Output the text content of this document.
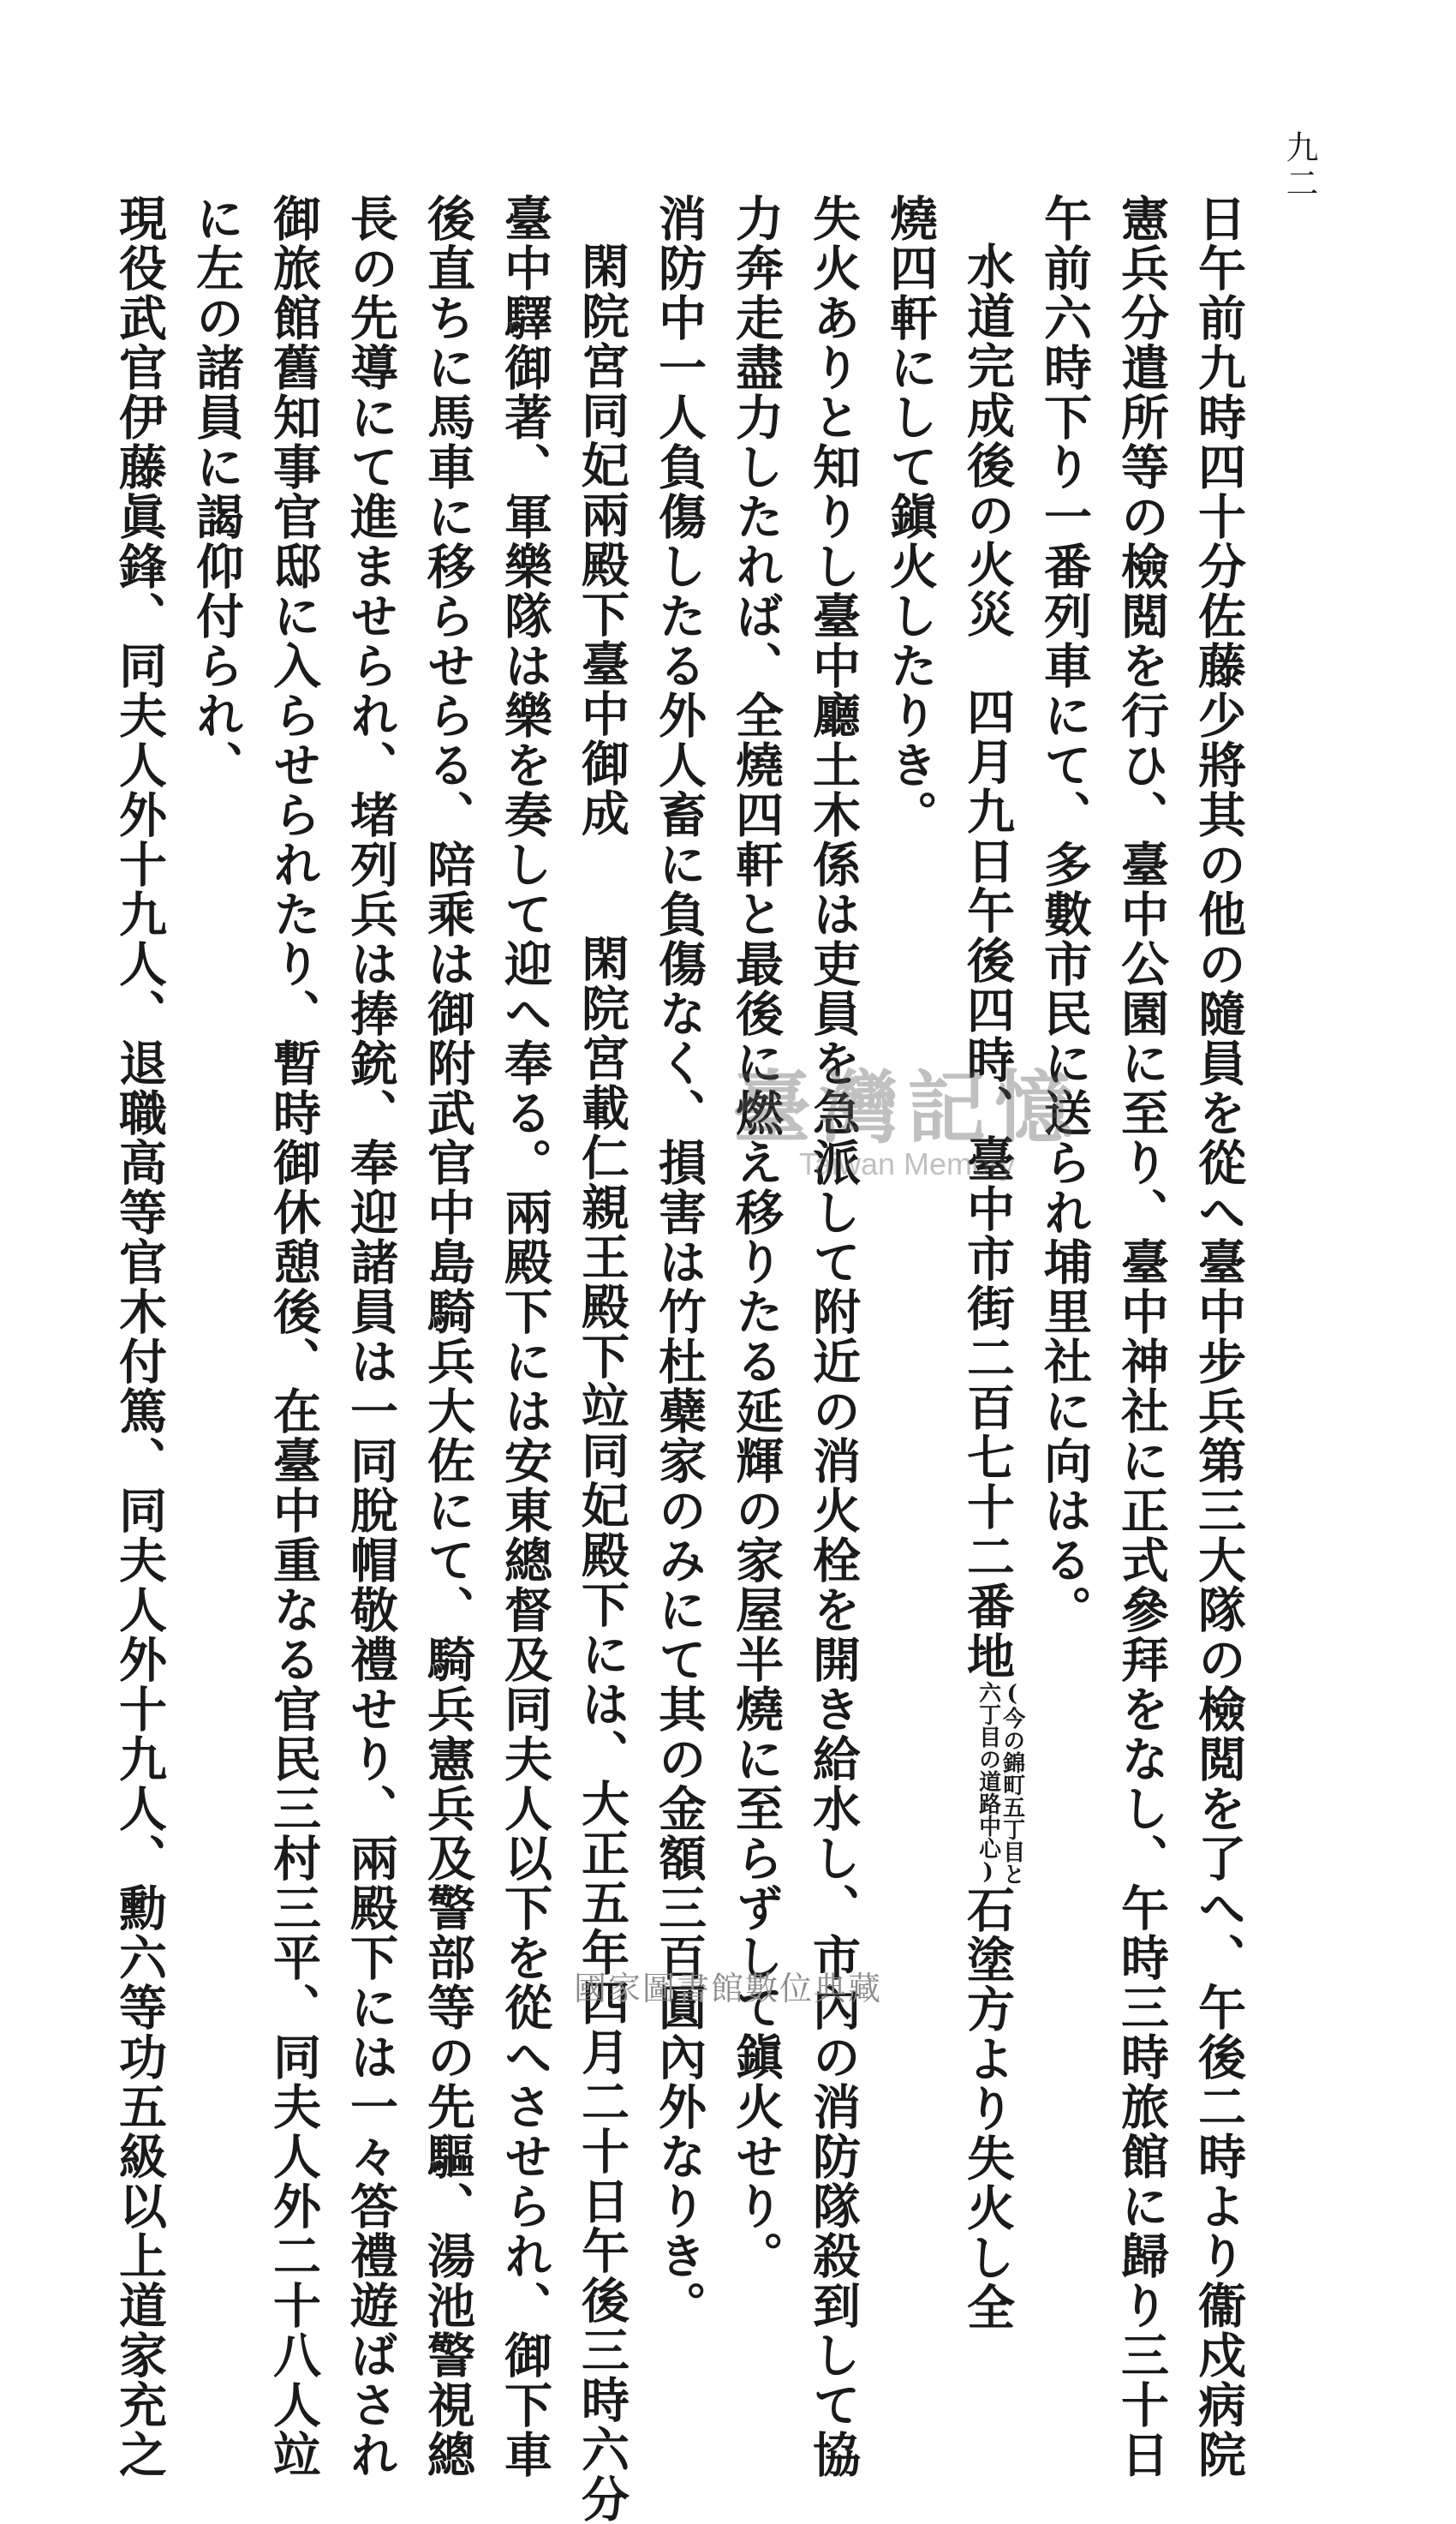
九二
日午前九時四十分佐藤少將其の他の隨員を從へ臺中步兵第三大隊の檢閲を了へ、午後二時より衞戍病院
憲兵分遣所等の檢閲を行ひ、臺中公園に至り、臺中神社に正式參拜をなし、午時三時旅館に歸り三十日
午前六時下り一番列車にて、多數市民に送られ埔里社に向はる。
水道完成後の火災四月九日午後四時、臺中市街二百七十二番地(今の錦町五丁目と
六丁目の道路中心)石塗方より失火し全
燒四軒にして鎭火したりき。
失火ありと知りし臺中廳土木係は吏員を急派して附近の消火栓を開き給水し、市內の消防隊殺到して協
力奔走盡力したれば、全燒四軒と最後に燃え移りたる延輝の家屋半燒に至らずして鎭火せり。
消防中一人負傷したる外人畜に負傷なく、損害は竹杜蘗家のみにて其の金額三百圓內外なりき。
閑院宮同妃兩殿下臺中御成閑院宮載仁親王殿下竝同妃殿下には、大正五年四月二十日午後三時六分
臺中驛御著、軍樂隊は樂を奏して迎へ奉る。兩殿下には安東總督及同夫人以下を從へさせられ、御下車
後直ちに馬車に移らせらる、陪乘は御附武官中島騎兵大佐にて、騎兵憲兵及警部等の先驅、湯池警視總
長の先導にて進ませられ、堵列兵は捧銃、奉迎諸員は一同脫帽敬禮せり、兩殿下には一々答禮遊ばされ
御旅館舊知事官邸に入らせられたり、暫時御休憩後、在臺中重なる官民三村三平、同夫人外二十八人竝
に左の諸員に謁仰付られ、
現役武官伊藤眞鋒、同夫人外十九人、退職高等官木付篤、同夫人外十九人、勳六等功五級以上道家充之	臺灣記憶
Taiwan Memory
國家圖書館數位典藏
